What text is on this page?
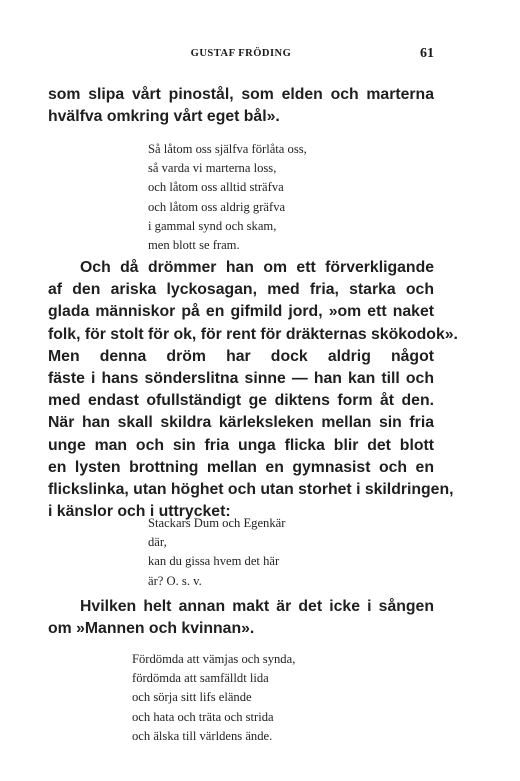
GUSTAF FRÖDING	61

som slipa vårt pinostål, som elden och marterna
hvälfva omkring vårt eget bål».

Så låtom oss själfva förlåta oss,
så varda vi marterna loss,
och låtom oss alltid sträfva
och låtom oss aldrig gräfva
i gammal synd och skam,
men blott se fram.

Och då drömmer han om ett förverkligande
af den ariska lyckosagan, med fria, starka och
glada människor på en gifmild jord, »om ett naket
folk, för stolt för ok, för rent för dräkternas skökodok».
Men denna dröm har dock aldrig något
fäste i hans sönderslitna sinne — han kan till och
med endast ofullständigt ge diktens form åt den.
När han skall skildra kärleksleken mellan sin fria
unge man och sin fria unga flicka blir det blott
en lysten brottning mellan en gymnasist och en
flickslinka, utan höghet och utan storhet i skildringen,
i känslor och i uttrycket:

Stackars Dum och Egenkär
där,
kan du gissa hvem det här
är? O. s. v.

Hvilken helt annan makt är det icke i sången
om »Mannen och kvinnan».

Fördömda att vämjas och synda,
fördömda att samfälldt lida
och sörja sitt lifs elände
och hata och träta och strida
och älska till världens ände.
